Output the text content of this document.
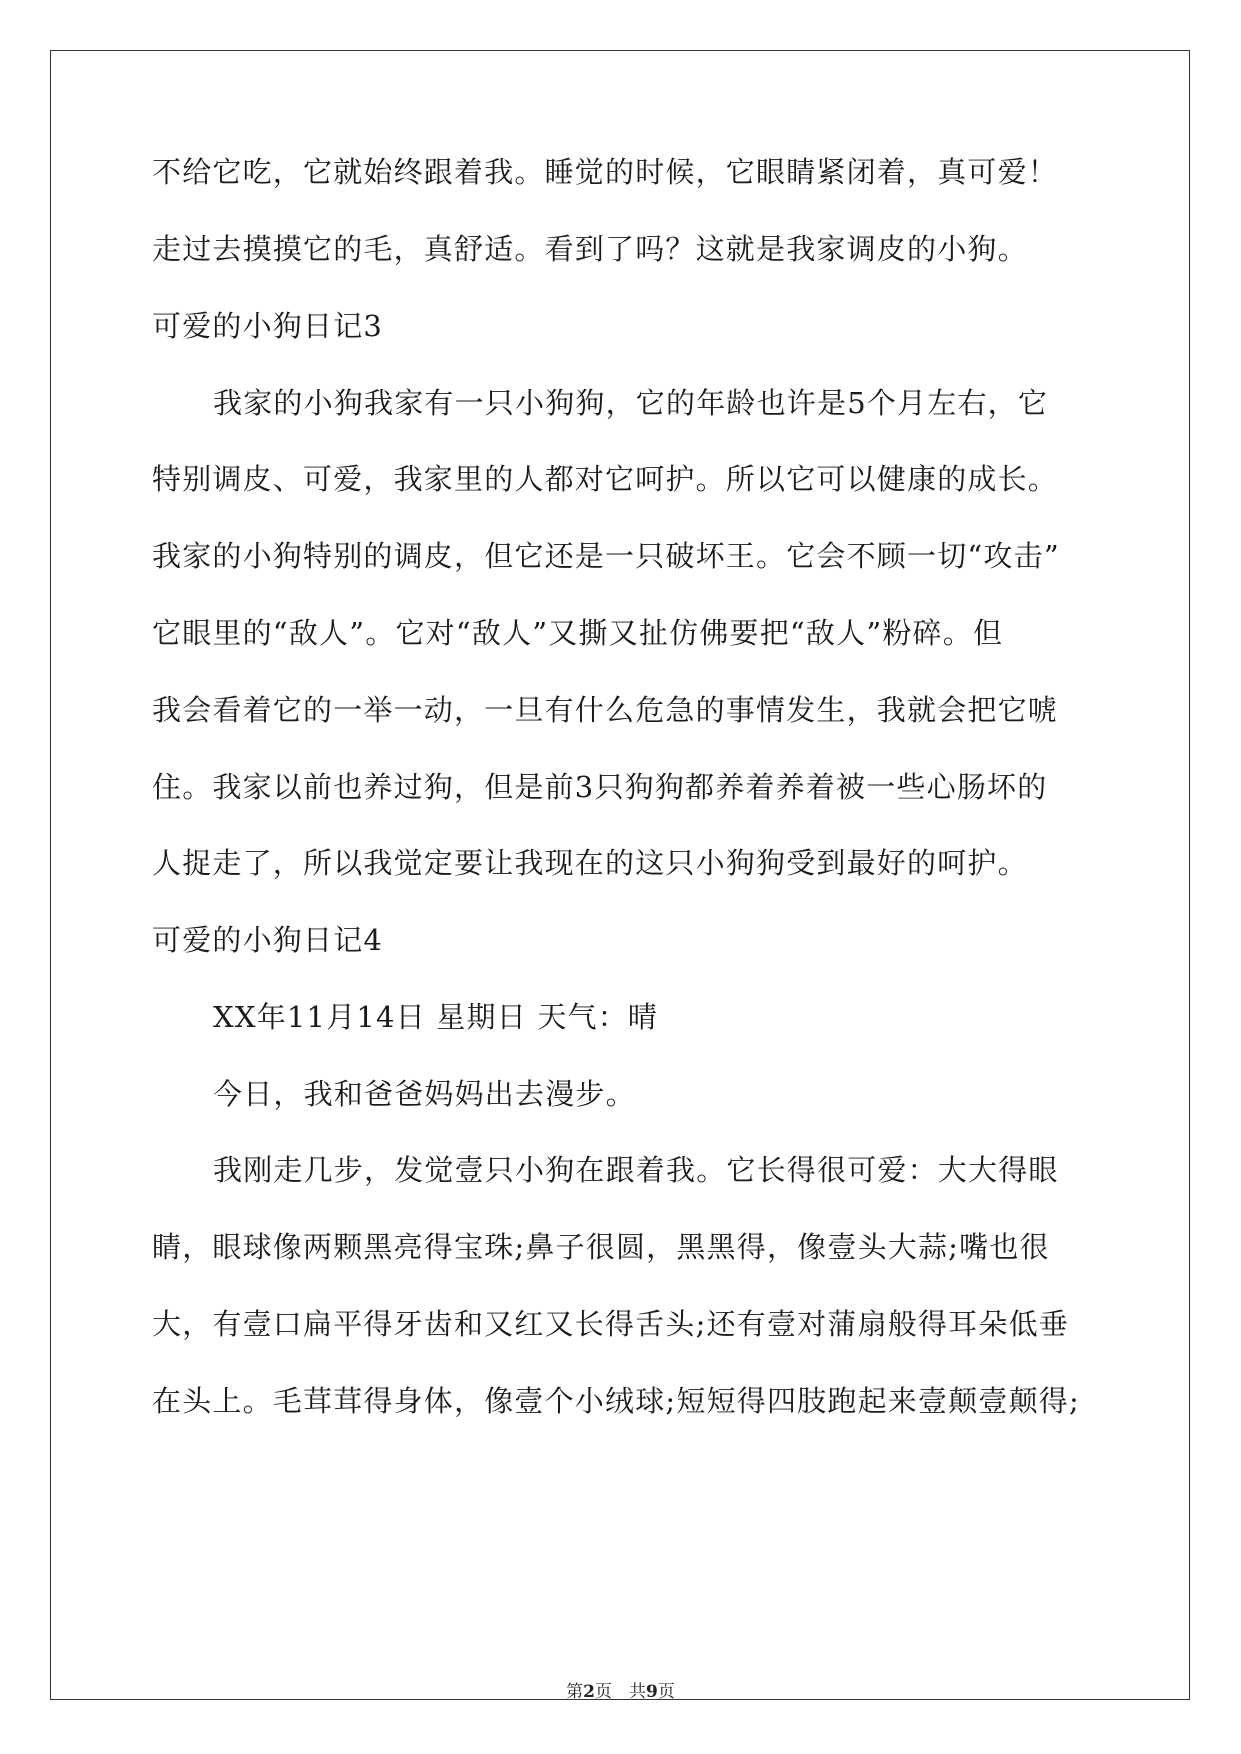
不给它吃，它就始终跟着我。睡觉的时候，它眼睛紧闭着，真可爱！
走过去摸摸它的毛，真舒适。看到了吗？这就是我家调皮的小狗。
可爱的小狗日记3
我家的小狗我家有一只小狗狗，它的年龄也许是5个月左右，它
特别调皮、可爱，我家里的人都对它呵护。所以它可以健康的成长。
我家的小狗特别的调皮，但它还是一只破坏王。它会不顾一切“攻击”
它眼里的“敌人”。它对“敌人”又撕又扯仿佛要把“敌人”粉碎。但
我会看着它的一举一动，一旦有什么危急的事情发生，我就会把它唬
住。我家以前也养过狗，但是前3只狗狗都养着养着被一些心肠坏的
人捉走了，所以我觉定要让我现在的这只小狗狗受到最好的呵护。
可爱的小狗日记4
XX年11月14日 星期日 天气：晴
今日，我和爸爸妈妈出去漫步。
我刚走几步，发觉壹只小狗在跟着我。它长得很可爱：大大得眼
睛，眼球像两颗黑亮得宝珠;鼻子很圆，黑黑得，像壹头大蒜;嘴也很
大，有壹口扁平得牙齿和又红又长得舌头;还有壹对蒲扇般得耳朵低垂
在头上。毛茸茸得身体，像壹个小绒球;短短得四肢跑起来壹颠壹颠得;
第2页　共9页
